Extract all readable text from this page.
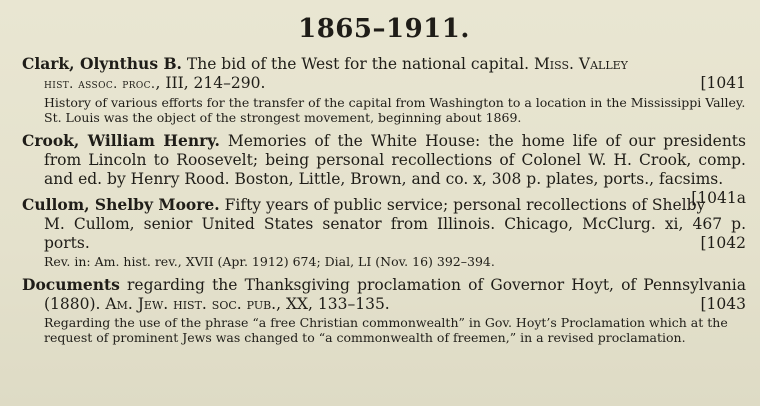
1865–1911.
Clark, Olynthus B. The bid of the West for the national capital. Miss. Valley
hist. assoc. proc., III, 214–290.	[1041
History of various efforts for the transfer of the capital from Washington to a location in the Mississippi Valley. St. Louis was the object of the strongest movement, beginning about 1869.
Crook, William Henry. Memories of the White House: the home life of our presidents from Lincoln to Roosevelt; being personal recollections of Colonel W. H. Crook, comp. and ed. by Henry Rood. Boston, Little, Brown, and co. x, 308 p. plates, ports., facsims.
[1041a
Cullom, Shelby Moore. Fifty years of public service; personal recollections of Shelby M. Cullom, senior United States senator from Illinois. Chicago, McClurg. xi, 467 p. ports.	[1042
Rev. in: Am. hist. rev., XVII (Apr. 1912) 674; Dial, LI (Nov. 16) 392–394.
Documents regarding the Thanksgiving proclamation of Governor Hoyt, of Pennsylvania (1880). Am. Jew. hist. soc. pub., XX, 133–135.	[1043
Regarding the use of the phrase “a free Christian commonwealth” in Gov. Hoyt’s Proclamation which at the request of prominent Jews was changed to “a commonwealth of freemen,” in a revised proclamation.
